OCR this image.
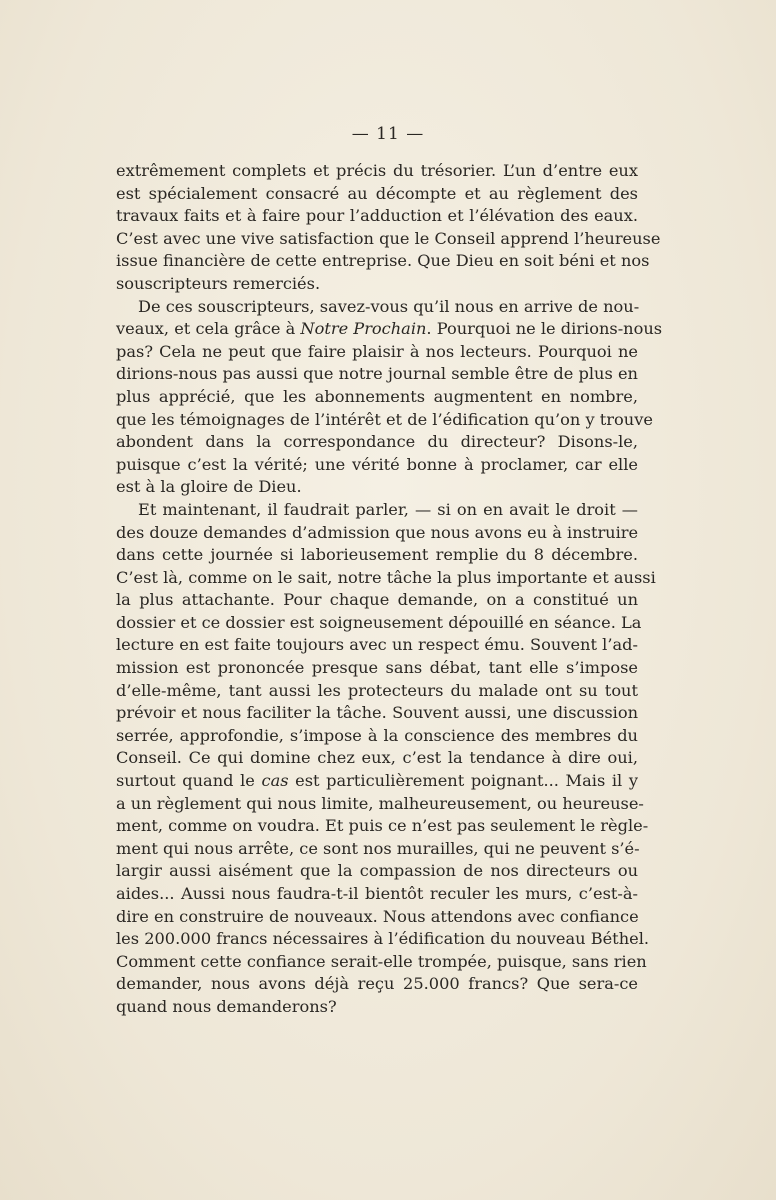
— 11 —
extrêmement complets et précis du trésorier. L’un d’entre eux
est spécialement consacré au décompte et au règlement des
travaux faits et à faire pour l’adduction et l’élévation des eaux.
C’est avec une vive satisfaction que le Conseil apprend l’heureuse
issue financière de cette entreprise. Que Dieu en soit béni et nos
souscripteurs remerciés.
De ces souscripteurs, savez-vous qu’il nous en arrive de nou-
veaux, et cela grâce à Notre Prochain. Pourquoi ne le dirions-nous
pas? Cela ne peut que faire plaisir à nos lecteurs. Pourquoi ne
dirions-nous pas aussi que notre journal semble être de plus en
plus apprécié, que les abonnements augmentent en nombre,
que les témoignages de l’intérêt et de l’édification qu’on y trouve
abondent dans la correspondance du directeur? Disons-le,
puisque c’est la vérité; une vérité bonne à proclamer, car elle
est à la gloire de Dieu.
Et maintenant, il faudrait parler, — si on en avait le droit —
des douze demandes d’admission que nous avons eu à instruire
dans cette journée si laborieusement remplie du 8 décembre.
C’est là, comme on le sait, notre tâche la plus importante et aussi
la plus attachante. Pour chaque demande, on a constitué un
dossier et ce dossier est soigneusement dépouillé en séance. La
lecture en est faite toujours avec un respect ému. Souvent l’ad-
mission est prononcée presque sans débat, tant elle s’impose
d’elle-même, tant aussi les protecteurs du malade ont su tout
prévoir et nous faciliter la tâche. Souvent aussi, une discussion
serrée, approfondie, s’impose à la conscience des membres du
Conseil. Ce qui domine chez eux, c’est la tendance à dire oui,
surtout quand le cas est particulièrement poignant... Mais il y
a un règlement qui nous limite, malheureusement, ou heureuse-
ment, comme on voudra. Et puis ce n’est pas seulement le règle-
ment qui nous arrête, ce sont nos murailles, qui ne peuvent s’é-
largir aussi aisément que la compassion de nos directeurs ou
aides... Aussi nous faudra-t-il bientôt reculer les murs, c’est-à-
dire en construire de nouveaux. Nous attendons avec confiance
les 200.000 francs nécessaires à l’édification du nouveau Béthel.
Comment cette confiance serait-elle trompée, puisque, sans rien
demander, nous avons déjà reçu 25.000 francs? Que sera-ce
quand nous demanderons?
